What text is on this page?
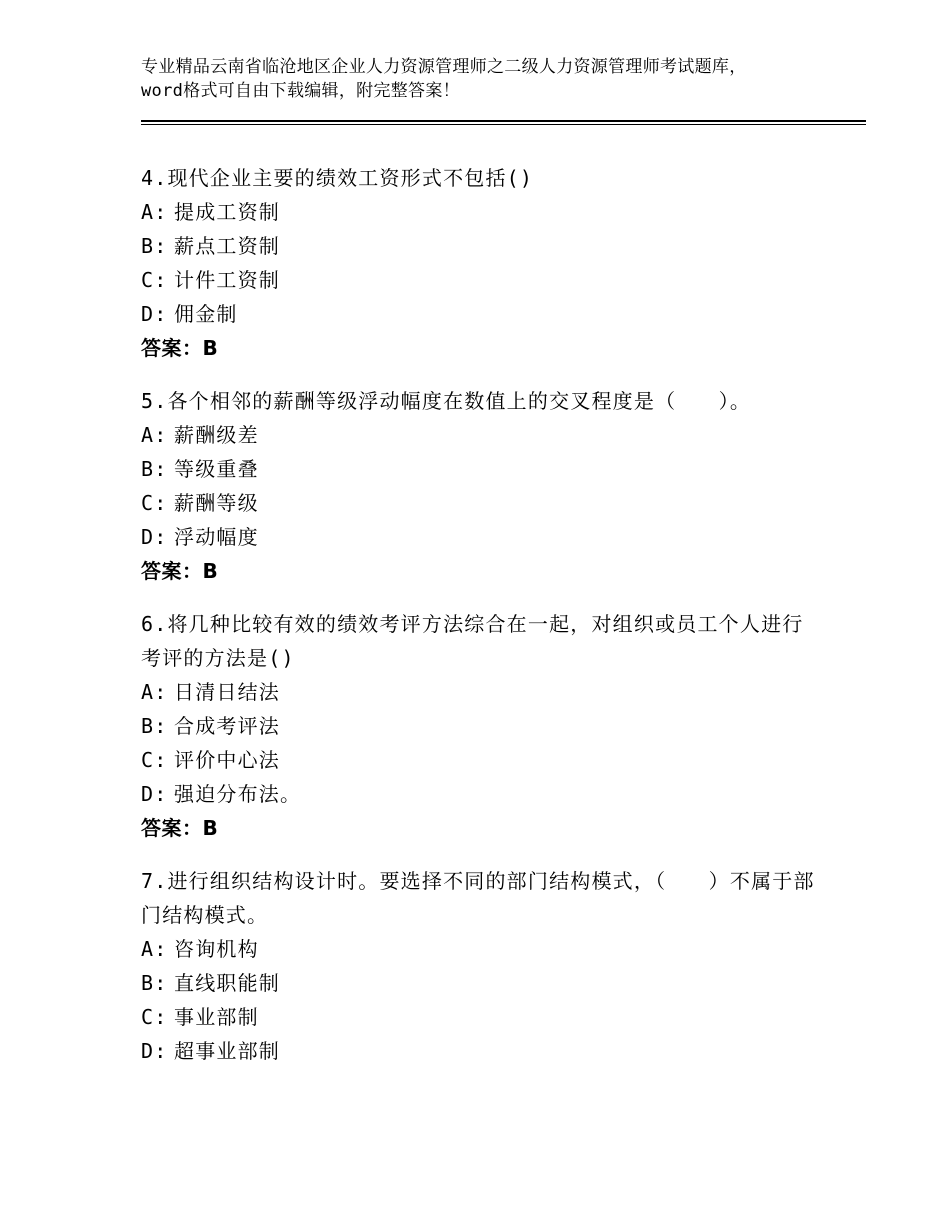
专业精品云南省临沧地区企业人力资源管理师之二级人力资源管理师考试题库，word格式可自由下载编辑，附完整答案！

4.现代企业主要的绩效工资形式不包括()

A: 提成工资制

B: 薪点工资制

C: 计件工资制

D: 佣金制

答案：B

5.各个相邻的薪酬等级浮动幅度在数值上的交叉程度是（　　）。

A: 薪酬级差

B: 等级重叠

C: 薪酬等级

D: 浮动幅度

答案：B

6.将几种比较有效的绩效考评方法综合在一起，对组织或员工个人进行考评的方法是()

A: 日清日结法

B: 合成考评法

C: 评价中心法

D: 强迫分布法。

答案：B

7.进行组织结构设计时。要选择不同的部门结构模式，（　　）不属于部门结构模式。

A: 咨询机构

B: 直线职能制

C: 事业部制

D: 超事业部制
